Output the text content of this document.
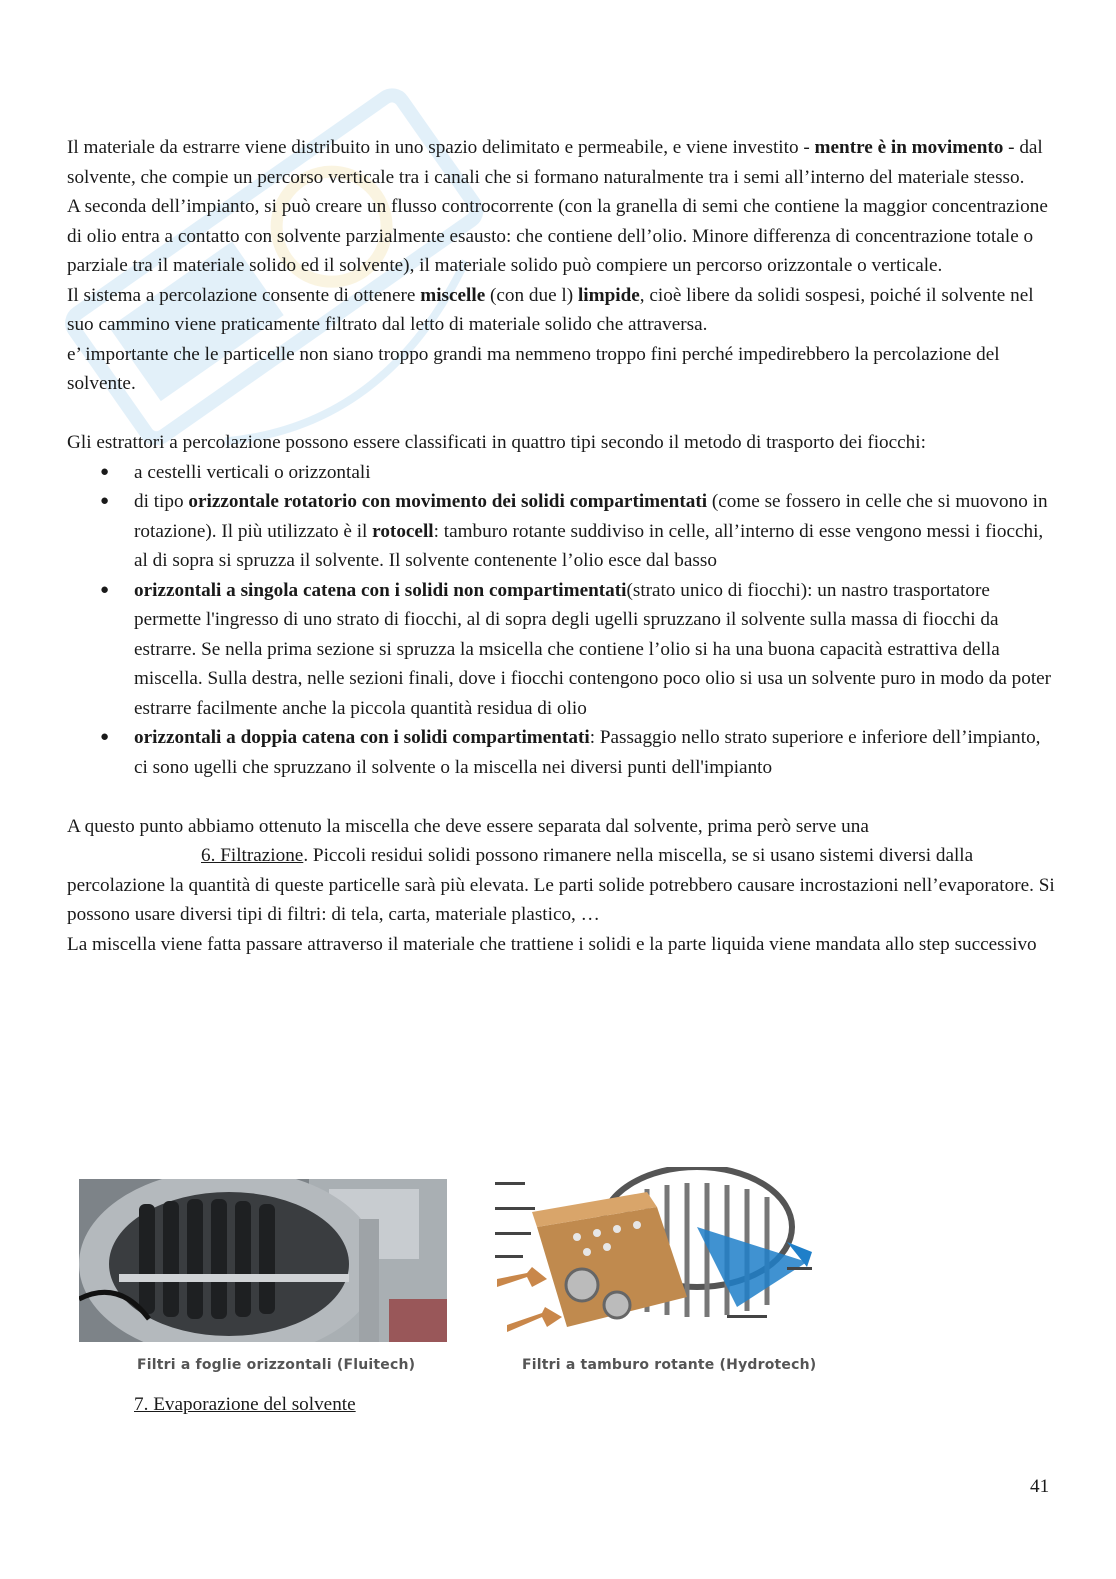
Il materiale da estrarre viene distribuito in uno spazio delimitato e permeabile, e viene investito - mentre è in movimento - dal solvente, che compie un percorso verticale tra i canali che si formano naturalmente tra i semi all’interno del materiale stesso.

A seconda dell’impianto, si può creare un flusso controcorrente (con la granella di semi che contiene la maggior concentrazione di olio entra a contatto con solvente parzialmente esausto: che contiene dell’olio. Minore differenza di concentrazione totale o parziale tra il materiale solido ed il solvente), il materiale solido può compiere un percorso orizzontale o verticale.

Il sistema a percolazione consente di ottenere miscelle (con due l) limpide, cioè libere da solidi sospesi, poiché il solvente nel suo cammino viene praticamente filtrato dal letto di materiale solido che attraversa.

e’ importante che le particelle non siano troppo grandi ma nemmeno troppo fini perché impedirebbero la percolazione del solvente.

Gli estrattori a percolazione possono essere classificati in quattro tipi secondo il metodo di trasporto dei fiocchi:

● a cestelli verticali o orizzontali
● di tipo orizzontale rotatorio con movimento dei solidi compartimentati (come se fossero in celle che si muovono in rotazione). Il più utilizzato è il rotocell: tamburo rotante suddiviso in celle, all’interno di esse vengono messi i fiocchi, al di sopra si spruzza il solvente. Il solvente contenente l’olio esce dal basso
● orizzontali a singola catena con i solidi non compartimentati(strato unico di fiocchi): un nastro trasportatore permette l'ingresso di uno strato di fiocchi, al di sopra degli ugelli spruzzano il solvente sulla massa di fiocchi da estrarre. Se nella prima sezione si spruzza la msicella che contiene l’olio si ha una buona capacità estrattiva della miscella. Sulla destra, nelle sezioni finali, dove i fiocchi contengono poco olio si usa un solvente puro in modo da poter estrarre facilmente anche la piccola quantità residua di olio
● orizzontali a doppia catena con i solidi compartimentati: Passaggio nello strato superiore e inferiore dell’impianto, ci sono ugelli che spruzzano il solvente o la miscella nei diversi punti dell'impianto

A questo punto abbiamo ottenuto la miscella che deve essere separata dal solvente, prima però serve una

6. Filtrazione. Piccoli residui solidi possono rimanere nella miscella, se si usano sistemi diversi dalla percolazione la quantità di queste particelle sarà più elevata. Le parti solide potrebbero causare incrostazioni nell’evaporatore. Si possono usare diversi tipi di filtri: di tela, carta, materiale plastico, …

La miscella viene fatta passare attraverso il materiale che trattiene i solidi e la parte liquida viene mandata allo step successivo

Filtri a foglie orizzontali (Fluitech)	Filtri a tamburo rotante (Hydrotech)
7. Evaporazione del solvente
41
